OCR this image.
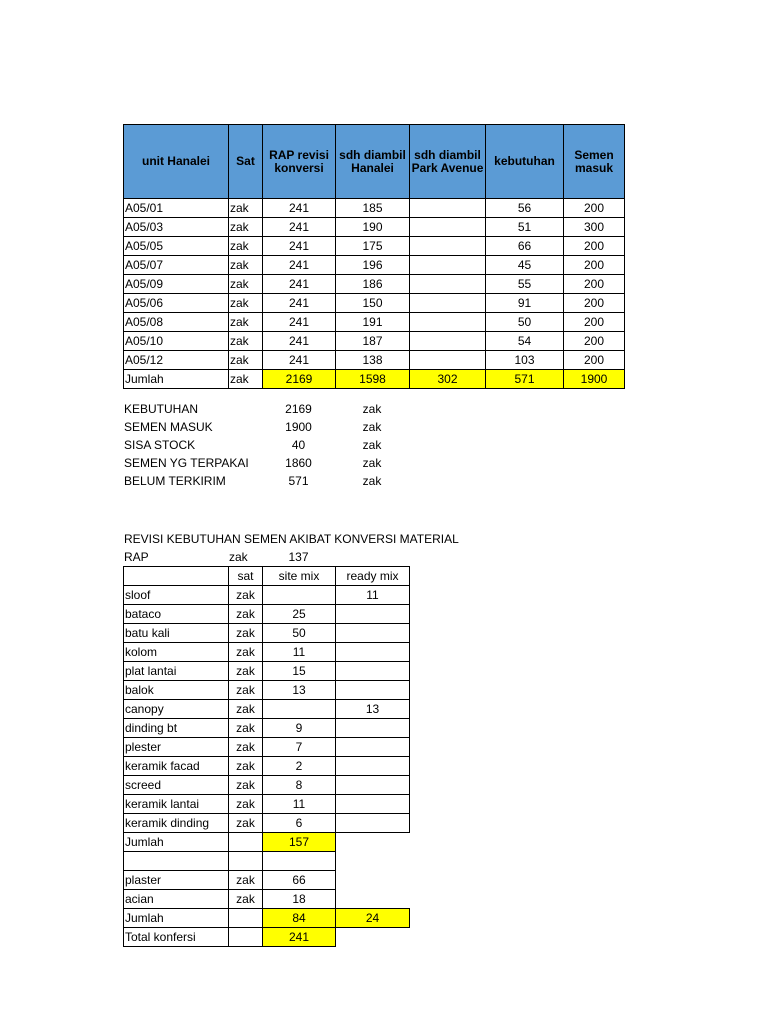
unit Hanalei	Sat	RAP revisi konversi	sdh diambil Hanalei	sdh diambil Park Avenue	kebutuhan	Semen masuk
A05/01	zak	241	185		56	200
A05/03	zak	241	190		51	300
A05/05	zak	241	175		66	200
A05/07	zak	241	196		45	200
A05/09	zak	241	186		55	200
A05/06	zak	241	150		91	200
A05/08	zak	241	191		50	200
A05/10	zak	241	187		54	200
A05/12	zak	241	138		103	200
Jumlah	zak	2169	1598	302	571	1900
KEBUTUHAN	2169	zak
SEMEN MASUK	1900	zak
SISA STOCK	40	zak
SEMEN YG TERPAKAI	1860	zak
BELUM TERKIRIM	571	zak
REVISI KEBUTUHAN SEMEN AKIBAT KONVERSI MATERIAL
RAP	zak	137
	sat	site mix	ready mix
sloof	zak		11
bataco	zak	25	
batu kali	zak	50	
kolom	zak	11	
plat lantai	zak	15	
balok	zak	13	
canopy	zak		13
dinding bt	zak	9	
plester	zak	7	
keramik facad	zak	2	
screed	zak	8	
keramik lantai	zak	11	
keramik dinding	zak	6	
Jumlah		157	

plaster	zak	66	
acian	zak	18	
Jumlah		84	24
Total konfersi		241	
